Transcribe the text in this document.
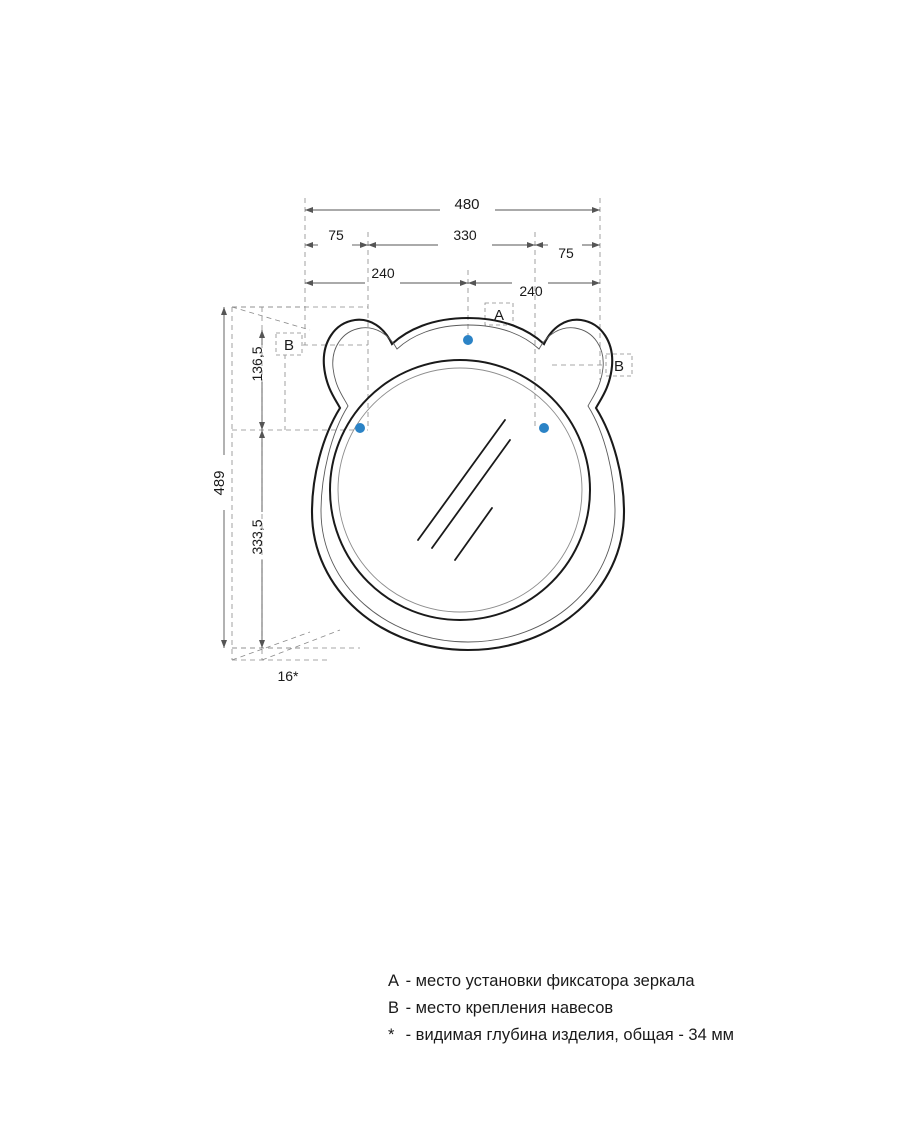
480
75	330
75
240
240
489
136,5
333,5
16*
A
B
B
A - место установки фиксатора зеркала
B - место крепления навесов
* - видимая глубина изделия, общая - 34 мм
